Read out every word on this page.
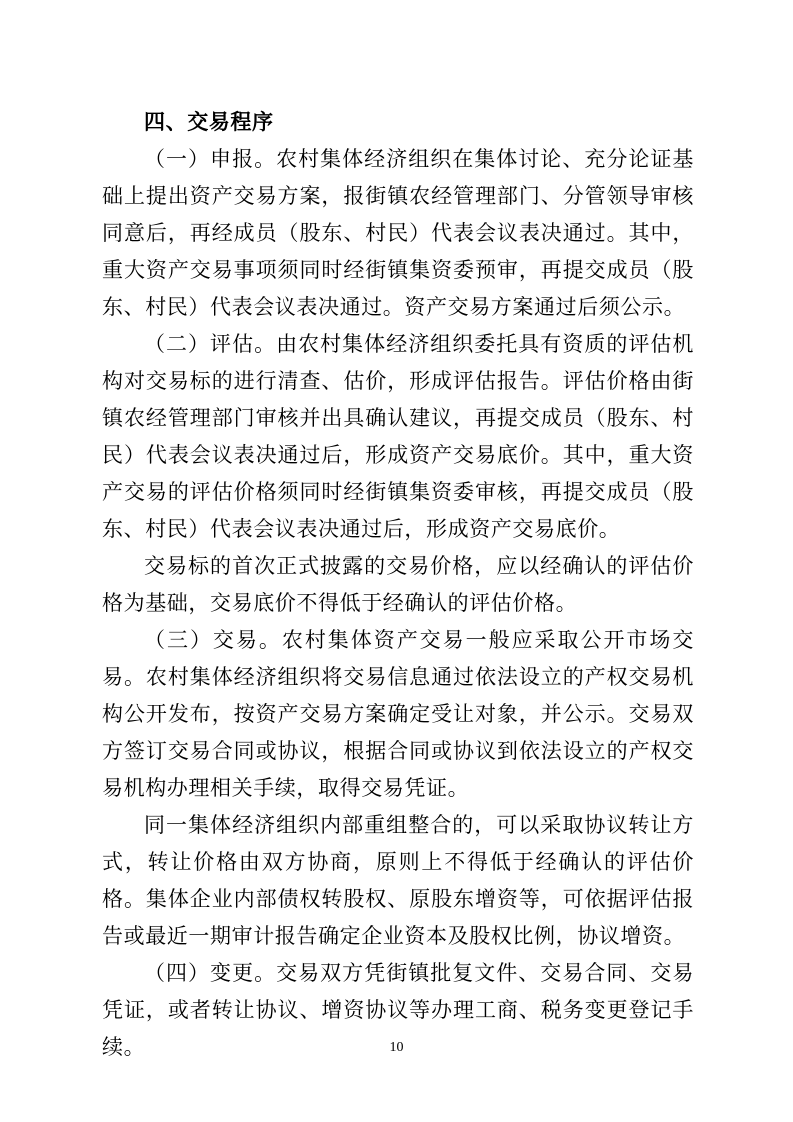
四、交易程序

（一）申报。农村集体经济组织在集体讨论、充分论证基础上提出资产交易方案，报街镇农经管理部门、分管领导审核同意后，再经成员（股东、村民）代表会议表决通过。其中，重大资产交易事项须同时经街镇集资委预审，再提交成员（股东、村民）代表会议表决通过。资产交易方案通过后须公示。

（二）评估。由农村集体经济组织委托具有资质的评估机构对交易标的进行清查、估价，形成评估报告。评估价格由街镇农经管理部门审核并出具确认建议，再提交成员（股东、村民）代表会议表决通过后，形成资产交易底价。其中，重大资产交易的评估价格须同时经街镇集资委审核，再提交成员（股东、村民）代表会议表决通过后，形成资产交易底价。

交易标的首次正式披露的交易价格，应以经确认的评估价格为基础，交易底价不得低于经确认的评估价格。

（三）交易。农村集体资产交易一般应采取公开市场交易。农村集体经济组织将交易信息通过依法设立的产权交易机构公开发布，按资产交易方案确定受让对象，并公示。交易双方签订交易合同或协议，根据合同或协议到依法设立的产权交易机构办理相关手续，取得交易凭证。

同一集体经济组织内部重组整合的，可以采取协议转让方式，转让价格由双方协商，原则上不得低于经确认的评估价格。集体企业内部债权转股权、原股东增资等，可依据评估报告或最近一期审计报告确定企业资本及股权比例，协议增资。

（四）变更。交易双方凭街镇批复文件、交易合同、交易凭证，或者转让协议、增资协议等办理工商、税务变更登记手续。	10
